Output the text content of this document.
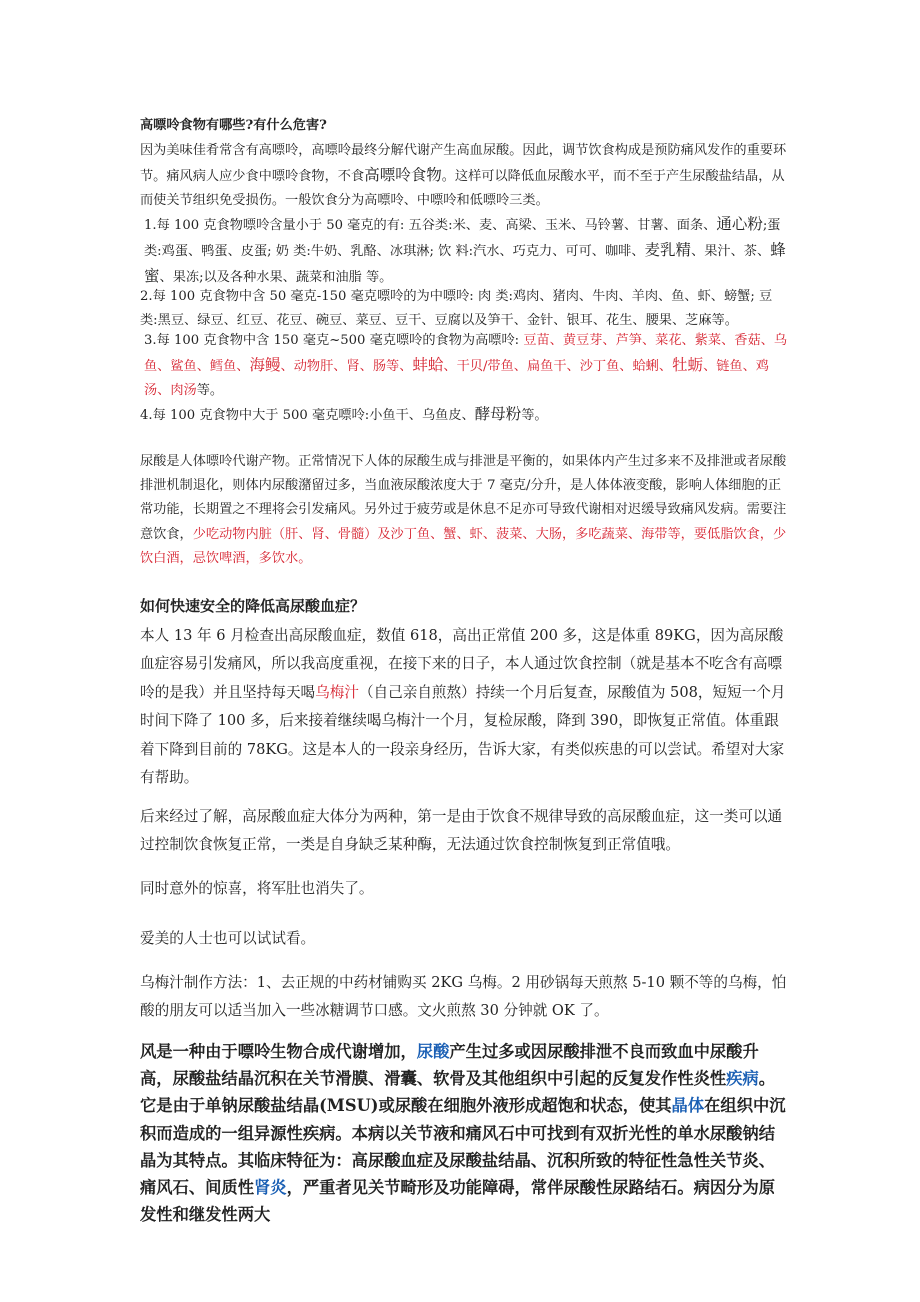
高嘌呤食物有哪些?有什么危害?

因为美味佳肴常含有高嘌呤，高嘌呤最终分解代谢产生高血尿酸。因此，调节饮食构成是预防痛风发作的重要环节。痛风病人应少食中嘌呤食物，不食高嘌呤食物。这样可以降低血尿酸水平，而不至于产生尿酸盐结晶，从而使关节组织免受损伤。一般饮食分为高嘌呤、中嘌呤和低嘌呤三类。

1.每 100 克食物嘌呤含量小于 50 毫克的有: 五谷类:米、麦、高梁、玉米、马铃薯、甘薯、面条、通心粉;蛋 类:鸡蛋、鸭蛋、皮蛋; 奶 类:牛奶、乳酪、冰琪淋; 饮 料:汽水、巧克力、可可、咖啡、麦乳精、果汁、茶、蜂蜜、果冻;以及各种水果、蔬菜和油脂 等。

2.每 100 克食物中含 50 毫克-150 毫克嘌呤的为中嘌呤: 肉 类:鸡肉、猪肉、牛肉、羊肉、鱼、虾、螃蟹; 豆 类:黑豆、绿豆、红豆、花豆、碗豆、菜豆、豆干、豆腐以及笋干、金针、银耳、花生、腰果、芝麻等。

3.每 100 克食物中含 150 毫克~500 毫克嘌呤的食物为高嘌呤: 豆苗、黄豆芽、芦笋、菜花、紫菜、香菇、乌鱼、鲨鱼、鳕鱼、海鳗、动物肝、肾、肠等、蚌蛤、干贝/带鱼、扁鱼干、沙丁鱼、蛤蜊、牡蛎、链鱼、鸡汤、肉汤等。

4.每 100 克食物中大于 500 毫克嘌呤:小鱼干、乌鱼皮、酵母粉等。

尿酸是人体嘌呤代谢产物。正常情况下人体的尿酸生成与排泄是平衡的，如果体内产生过多来不及排泄或者尿酸排泄机制退化，则体内尿酸潴留过多，当血液尿酸浓度大于 7 毫克/分升，是人体体液变酸，影响人体细胞的正常功能，长期置之不理将会引发痛风。另外过于疲劳或是休息不足亦可导致代谢相对迟缓导致痛风发病。需要注意饮食，少吃动物内脏（肝、肾、骨髓）及沙丁鱼、蟹、虾、菠菜、大肠，多吃蔬菜、海带等，要低脂饮食，少饮白酒，忌饮啤酒，多饮水。

如何快速安全的降低高尿酸血症？

本人 13 年 6 月检查出高尿酸血症，数值 618，高出正常值 200 多，这是体重 89KG，因为高尿酸血症容易引发痛风，所以我高度重视，在接下来的日子，本人通过饮食控制（就是基本不吃含有高嘌呤的是我）并且坚持每天喝乌梅汁（自己亲自煎熬）持续一个月后复查，尿酸值为 508，短短一个月时间下降了 100 多，后来接着继续喝乌梅汁一个月，复检尿酸，降到 390，即恢复正常值。体重跟着下降到目前的 78KG。这是本人的一段亲身经历，告诉大家，有类似疾患的可以尝试。希望对大家有帮助。

后来经过了解，高尿酸血症大体分为两种，第一是由于饮食不规律导致的高尿酸血症，这一类可以通过控制饮食恢复正常，一类是自身缺乏某种酶，无法通过饮食控制恢复到正常值哦。

同时意外的惊喜，将军肚也消失了。

爱美的人士也可以试试看。

乌梅汁制作方法：1、去正规的中药材铺购买 2KG 乌梅。2 用砂锅每天煎熬 5-10 颗不等的乌梅，怕酸的朋友可以适当加入一些冰糖调节口感。文火煎熬 30 分钟就 OK 了。

风是一种由于嘌呤生物合成代谢增加，尿酸产生过多或因尿酸排泄不良而致血中尿酸升高，尿酸盐结晶沉积在关节滑膜、滑囊、软骨及其他组织中引起的反复发作性炎性疾病。它是由于单钠尿酸盐结晶(MSU)或尿酸在细胞外液形成超饱和状态，使其晶体在组织中沉积而造成的一组异源性疾病。本病以关节液和痛风石中可找到有双折光性的单水尿酸钠结晶为其特点。其临床特征为：高尿酸血症及尿酸盐结晶、沉积所致的特征性急性关节炎、痛风石、间质性肾炎，严重者见关节畸形及功能障碍，常伴尿酸性尿路结石。病因分为原发性和继发性两大
